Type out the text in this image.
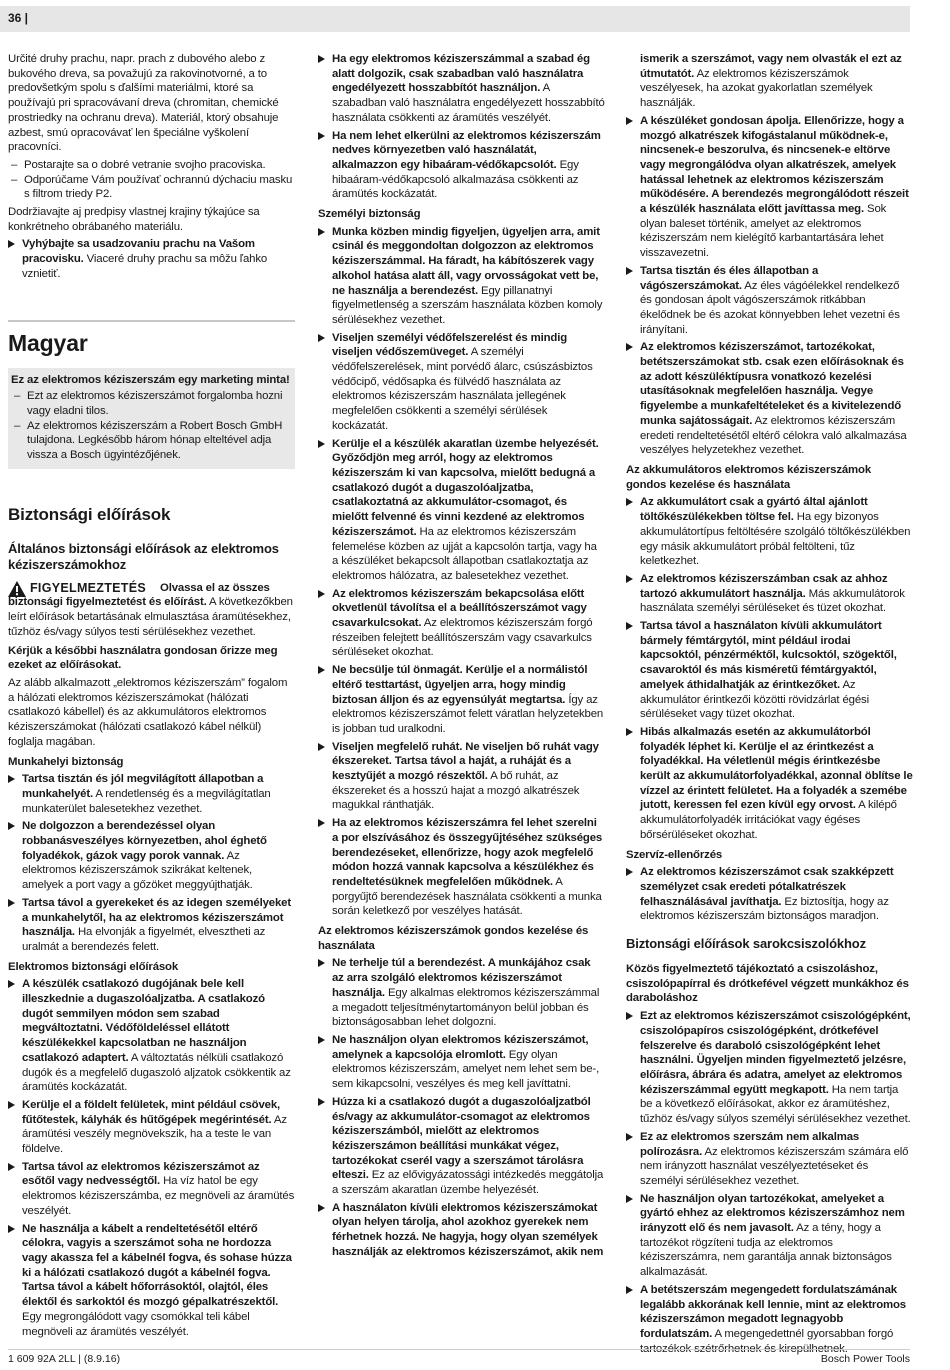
36 |

Určité druhy prachu, napr. prach z dubového alebo z bukového dreva, sa považujú za rakovinotvorné, a to predovšetkým spolu s ďalšími materiálmi, ktoré sa používajú pri spracovávaní dreva (chromitan, chemické prostriedky na ochranu dreva). Materiál, ktorý obsahuje azbest, smú opracovávať len špeciálne vyškolení pracovníci.

– Postarajte sa o dobré vetranie svojho pracoviska.
– Odporúčame Vám používať ochrannú dýchaciu masku s filtrom triedy P2.

Dodržiavajte aj predpisy vlastnej krajiny týkajúce sa konkrétneho obrábaného materiálu.

Vyhýbajte sa usadzovaniu prachu na Vašom pracovisku. Viaceré druhy prachu sa môžu ľahko vznietiť.
Magyar
Ez az elektromos kéziszerszám egy marketing minta!
– Ezt az elektromos kéziszerszámot forgalomba hozni vagy eladni tilos.
– Az elektromos kéziszerszám a Robert Bosch GmbH tulajdona. Legkésőbb három hónap elteltével adja vissza a Bosch ügyintézőjének.
Biztonsági előírások
Általános biztonsági előírások az elektromos kéziszerszámokhoz
FIGYELMEZTETÉS	Olvassa el az összes biztonsági figyelmeztetést és előírást. A következőkben leírt előírások betartásának elmulasztása áramütésekhez, tűzhöz és/vagy súlyos testi sérülésekhez vezethet.

Kérjük a későbbi használatra gondosan őrizze meg ezeket az előírásokat.

Az alább alkalmazott „elektromos kéziszerszám” fogalom a hálózati elektromos kéziszerszámokat (hálózati csatlakozó kábellel) és az akkumulátoros elektromos kéziszerszámokat (hálózati csatlakozó kábel nélkül) foglalja magában.

Munkahelyi biztonság
Tartsa tisztán és jól megvilágított állapotban a munkahelyét. A rendetlenség és a megvilágítatlan munkaterület balesetekhez vezethet.
Ne dolgozzon a berendezéssel olyan robbanásveszélyes környezetben, ahol éghető folyadékok, gázok vagy porok vannak. Az elektromos kéziszerszámok szikrákat keltenek, amelyek a port vagy a gőzöket meggyújthatják.
Tartsa távol a gyerekeket és az idegen személyeket a munkahelytől, ha az elektromos kéziszerszámot használja. Ha elvonják a figyelmét, elvesztheti az uralmát a berendezés felett.
Elektromos biztonsági előírások
A készülék csatlakozó dugójának bele kell illeszkednie a dugaszolóaljzatba. A csatlakozó dugót semmilyen módon sem szabad megváltoztatni. Védőföldeléssel ellátott készülékekkel kapcsolatban ne használjon csatlakozó adaptert. A változtatás nélküli csatlakozó dugók és a megfelelő dugaszoló aljzatok csökkentik az áramütés kockázatát.
Kerülje el a földelt felületek, mint például csövek, fűtőtestek, kályhák és hűtőgépek megérintését. Az áramütési veszély megnövekszik, ha a teste le van földelve.
Tartsa távol az elektromos kéziszerszámot az esőtől vagy nedvességtől. Ha víz hatol be egy elektromos kéziszerszámba, ez megnöveli az áramütés veszélyét.
Ne használja a kábelt a rendeltetésétől eltérő célokra, vagyis a szerszámot soha ne hordozza vagy akassza fel a kábelnél fogva, és sohase húzza ki a hálózati csatlakozó dugót a kábelnél fogva. Tartsa távol a kábelt hőforrásoktól, olajtól, éles élektől és sarkoktól és mozgó gépalkatrészektől. Egy megrongálódott vagy csomókkal teli kábel megnöveli az áramütés veszélyét.
Ha egy elektromos kéziszerszámmal a szabad ég alatt dolgozik, csak szabadban való használatra engedélyezett hosszabbítót használjon. A szabadban való használatra engedélyezett hosszabbító használata csökkenti az áramütés veszélyét.
Ha nem lehet elkerülni az elektromos kéziszerszám nedves környezetben való használatát, alkalmazzon egy hibaáram-védőkapcsolót. Egy hibaáram-védőkapcsoló alkalmazása csökkenti az áramütés kockázatát.
Személyi biztonság
Munka közben mindig figyeljen, ügyeljen arra, amit csinál és meggondoltan dolgozzon az elektromos kéziszerszámmal. Ha fáradt, ha kábítószerek vagy alkohol hatása alatt áll, vagy orvosságokat vett be, ne használja a berendezést. Egy pillanatnyi figyelmetlenség a szerszám használata közben komoly sérülésekhez vezethet.
Viseljen személyi védőfelszerelést és mindig viseljen védőszemüveget. A személyi védőfelszerelések, mint porvédő álarc, csúszásbiztos védőcipő, védősapka és fülvédő használata az elektromos kéziszerszám használata jellegének megfelelően csökkenti a személyi sérülések kockázatát.
Kerülje el a készülék akaratlan üzembe helyezését. Győződjön meg arról, hogy az elektromos kéziszerszám ki van kapcsolva, mielőtt bedugná a csatlakozó dugót a dugaszolóaljzatba, csatlakoztatná az akkumulátor-csomagot, és mielőtt felvenné és vinni kezdené az elektromos kéziszerszámot. Ha az elektromos kéziszerszám felemelése közben az ujját a kapcsolón tartja, vagy ha a készüléket bekapcsolt állapotban csatlakoztatja az elektromos hálózatra, az balesetekhez vezethet.
Az elektromos kéziszerszám bekapcsolása előtt okvetlenül távolítsa el a beállítószerszámot vagy csavarkulcsokat. Az elektromos kéziszerszám forgó részeiben felejtett beállítószerszám vagy csavarkulcs sérüléseket okozhat.
Ne becsülje túl önmagát. Kerülje el a normálistól eltérő testtartást, ügyeljen arra, hogy mindig biztosan álljon és az egyensúlyát megtartsa. Így az elektromos kéziszerszámot felett váratlan helyzetekben is jobban tud uralkodni.
Viseljen megfelelő ruhát. Ne viseljen bő ruhát vagy ékszereket. Tartsa távol a haját, a ruháját és a kesztyűjét a mozgó részektől. A bő ruhát, az ékszereket és a hosszú hajat a mozgó alkatrészek magukkal ránthatják.
Ha az elektromos kéziszerszámra fel lehet szerelni a por elszívásához és összegyűjtéséhez szükséges berendezéseket, ellenőrizze, hogy azok megfelelő módon hozzá vannak kapcsolva a készülékhez és rendeltetésüknek megfelelően működnek. A porgyűjtő berendezések használata csökkenti a munka során keletkező por veszélyes hatását.
Az elektromos kéziszerszámok gondos kezelése és használata
Ne terhelje túl a berendezést. A munkájához csak az arra szolgáló elektromos kéziszerszámot használja. Egy alkalmas elektromos kéziszerszámmal a megadott teljesítménytartományon belül jobban és biztonságosabban lehet dolgozni.
Ne használjon olyan elektromos kéziszerszámot, amelynek a kapcsolója elromlott. Egy olyan elektromos kéziszerszám, amelyet nem lehet sem be-, sem kikapcsolni, veszélyes és meg kell javíttatni.
Húzza ki a csatlakozó dugót a dugaszolóaljzatból és/vagy az akkumulátor-csomagot az elektromos kéziszerszámból, mielőtt az elektromos kéziszerszámon beállítási munkákat végez, tartozékokat cserél vagy a szerszámot tárolásra elteszi. Ez az elővigyázatossági intézkedés meggátolja a szerszám akaratlan üzembe helyezését.
A használaton kívüli elektromos kéziszerszámokat olyan helyen tárolja, ahol azokhoz gyerekek nem férhetnek hozzá. Ne hagyja, hogy olyan személyek használják az elektromos kéziszerszámot, akik nem

ismerik a szerszámot, vagy nem olvasták el ezt az útmutatót. Az elektromos kéziszerszámok veszélyesek, ha azokat gyakorlatlan személyek használják.

A készüléket gondosan ápolja. Ellenőrizze, hogy a mozgó alkatrészek kifogástalanul működnek-e, nincsenek-e beszorulva, és nincsenek-e eltörve vagy megrongálódva olyan alkatrészek, amelyek hatással lehetnek az elektromos kéziszerszám működésére. A berendezés megrongálódott részeit a készülék használata előtt javíttassa meg. Sok olyan baleset történik, amelyet az elektromos kéziszerszám nem kielégítő karbantartására lehet visszavezetni.
Tartsa tisztán és éles állapotban a vágószerszámokat. Az éles vágóélekkel rendelkező és gondosan ápolt vágószerszámok ritkábban ékelődnek be és azokat könnyebben lehet vezetni és irányítani.
Az elektromos kéziszerszámot, tartozékokat, betétszerszámokat stb. csak ezen előírásoknak és az adott készüléktípusra vonatkozó kezelési utasításoknak megfelelően használja. Vegye figyelembe a munkafeltételeket és a kivitelezendő munka sajátosságait. Az elektromos kéziszerszám eredeti rendeltetésétől eltérő célokra való alkalmazása veszélyes helyzetekhez vezethet.
Az akkumulátoros elektromos kéziszerszámok gondos kezelése és használata
Az akkumulátort csak a gyártó által ajánlott töltőkészülékekben töltse fel. Ha egy bizonyos akkumulátortípus feltöltésére szolgáló töltőkészülékben egy másik akkumulátort próbál feltölteni, tűz keletkezhet.
Az elektromos kéziszerszámban csak az ahhoz tartozó akkumulátort használja. Más akkumulátorok használata személyi sérüléseket és tüzet okozhat.
Tartsa távol a használaton kívüli akkumulátort bármely fémtárgytól, mint például irodai kapcsoktól, pénzérméktől, kulcsoktól, szögektől, csavaroktól és más kisméretű fémtárgyaktól, amelyek áthidalhatják az érintkezőket. Az akkumulátor érintkezői közötti rövidzárlat égési sérüléseket vagy tüzet okozhat.
Hibás alkalmazás esetén az akkumulátorból folyadék léphet ki. Kerülje el az érintkezést a folyadékkal. Ha véletlenül mégis érintkezésbe került az akkumulátorfolyadékkal, azonnal öblítse le vízzel az érintett felületet. Ha a folyadék a szemébe jutott, keressen fel ezen kívül egy orvost. A kilépő akkumulátorfolyadék irritációkat vagy égéses bőrsérüléseket okozhat.
Szervíz-ellenőrzés
Az elektromos kéziszerszámot csak szakképzett személyzet csak eredeti pótalkatrészek felhasználásával javíthatja. Ez biztosítja, hogy az elektromos kéziszerszám biztonságos maradjon.
Biztonsági előírások sarokcsiszolókhoz

Közös figyelmeztető tájékoztató a csiszoláshoz, csiszolópapírral és drótkefével végzett munkákhoz és daraboláshoz

Ezt az elektromos kéziszerszámot csiszológépként, csiszolópapíros csiszológépként, drótkefével felszerelve és daraboló csiszológépként lehet használni. Ügyeljen minden figyelmeztető jelzésre, előírásra, ábrára és adatra, amelyet az elektromos kéziszerszámmal együtt megkapott. Ha nem tartja be a következő előírásokat, akkor ez áramütéshez, tűzhöz és/vagy súlyos személyi sérülésekhez vezethet.
Ez az elektromos szerszám nem alkalmas polírozásra. Az elektromos kéziszerszám számára elő nem irányzott használat veszélyeztetéseket és személyi sérülésekhez vezethet.
Ne használjon olyan tartozékokat, amelyeket a gyártó ehhez az elektromos kéziszerszámhoz nem irányzott elő és nem javasolt. Az a tény, hogy a tartozékot rögzíteni tudja az elektromos kéziszerszámra, nem garantálja annak biztonságos alkalmazását.
A betétszerszám megengedett fordulatszámának legalább akkorának kell lennie, mint az elektromos kéziszerszámon megadott legnagyobb fordulatszám. A megengedettnél gyorsabban forgó tartozékok szétrőrhetnek és kirepülhetnek.
1 609 92A 2LL | (8.9.16)	Bosch Power Tools
